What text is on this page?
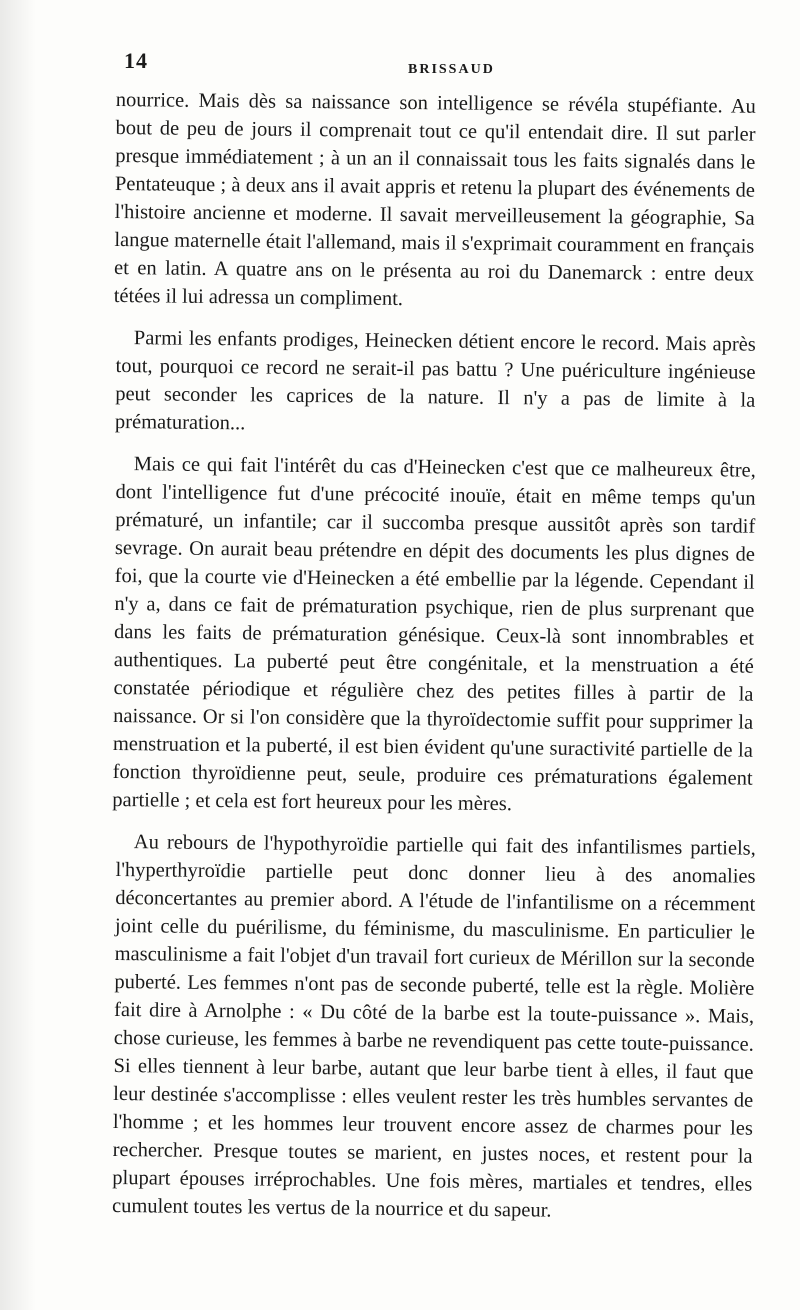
14	BRISSAUD

nourrice. Mais dès sa naissance son intelligence se révéla stupéfiante. Au bout de peu de jours il comprenait tout ce qu'il entendait dire. Il sut parler presque immédiatement ; à un an il connaissait tous les faits signalés dans le Pentateuque ; à deux ans il avait appris et retenu la plupart des événements de l'histoire ancienne et moderne. Il savait merveilleusement la géographie, Sa langue maternelle était l'allemand, mais il s'exprimait couramment en français et en latin. A quatre ans on le présenta au roi du Danemarck : entre deux tétées il lui adressa un compliment.

Parmi les enfants prodiges, Heinecken détient encore le record. Mais après tout, pourquoi ce record ne serait-il pas battu ? Une puériculture ingénieuse peut seconder les caprices de la nature. Il n'y a pas de limite à la prématuration...

Mais ce qui fait l'intérêt du cas d'Heinecken c'est que ce malheureux être, dont l'intelligence fut d'une précocité inouïe, était en même temps qu'un prématuré, un infantile; car il succomba presque aussitôt après son tardif sevrage. On aurait beau prétendre en dépit des documents les plus dignes de foi, que la courte vie d'Heinecken a été embellie par la légende. Cependant il n'y a, dans ce fait de prématuration psychique, rien de plus surprenant que dans les faits de prématuration génésique. Ceux-là sont innombrables et authentiques. La puberté peut être congénitale, et la menstruation a été constatée périodique et régulière chez des petites filles à partir de la naissance. Or si l'on considère que la thyroïdectomie suffit pour supprimer la menstruation et la puberté, il est bien évident qu'une suractivité partielle de la fonction thyroïdienne peut, seule, produire ces prématurations également partielle ; et cela est fort heureux pour les mères.

Au rebours de l'hypothyroïdie partielle qui fait des infantilismes partiels, l'hyperthyroïdie partielle peut donc donner lieu à des anomalies déconcertantes au premier abord. A l'étude de l'infantilisme on a récemment joint celle du puérilisme, du féminisme, du masculinisme. En particulier le masculinisme a fait l'objet d'un travail fort curieux de Mérillon sur la seconde puberté. Les femmes n'ont pas de seconde puberté, telle est la règle. Molière fait dire à Arnolphe : « Du côté de la barbe est la toute-puissance ». Mais, chose curieuse, les femmes à barbe ne revendiquent pas cette toute-puissance. Si elles tiennent à leur barbe, autant que leur barbe tient à elles, il faut que leur destinée s'accomplisse : elles veulent rester les très humbles servantes de l'homme ; et les hommes leur trouvent encore assez de charmes pour les rechercher. Presque toutes se marient, en justes noces, et restent pour la plupart épouses irréprochables. Une fois mères, martiales et tendres, elles cumulent toutes les vertus de la nourrice et du sapeur.
